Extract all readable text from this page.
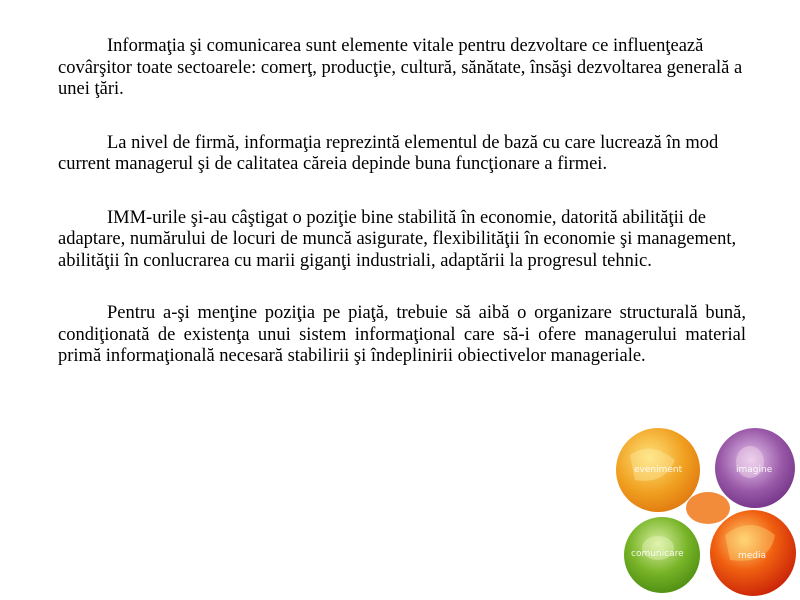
Informaţia şi comunicarea sunt elemente vitale pentru dezvoltare ce influenţează covârşitor toate sectoarele: comerţ, producţie, cultură, sănătate, însăşi dezvoltarea generală a unei ţări.

La nivel de firmă, informaţia reprezintă elementul de bază cu care lucrează în mod current managerul şi de calitatea căreia depinde buna funcţionare a firmei.

IMM-urile şi-au câştigat o poziţie bine stabilită în economie, datorită abilităţii de adaptare, numărului de locuri de muncă asigurate, flexibilităţii în economie şi management, abilităţii în conlucrarea cu marii giganţi industriali, adaptării la progresul tehnic.

Pentru a-şi menţine poziţia pe piaţă, trebuie să aibă o organizare structurală bună, condiţionată de existenţa unui sistem informaţional care să-i ofere managerului material primă informaţională necesară stabilirii şi îndeplinirii obiectivelor manageriale.

eveniment	imagine
comunicare	media
